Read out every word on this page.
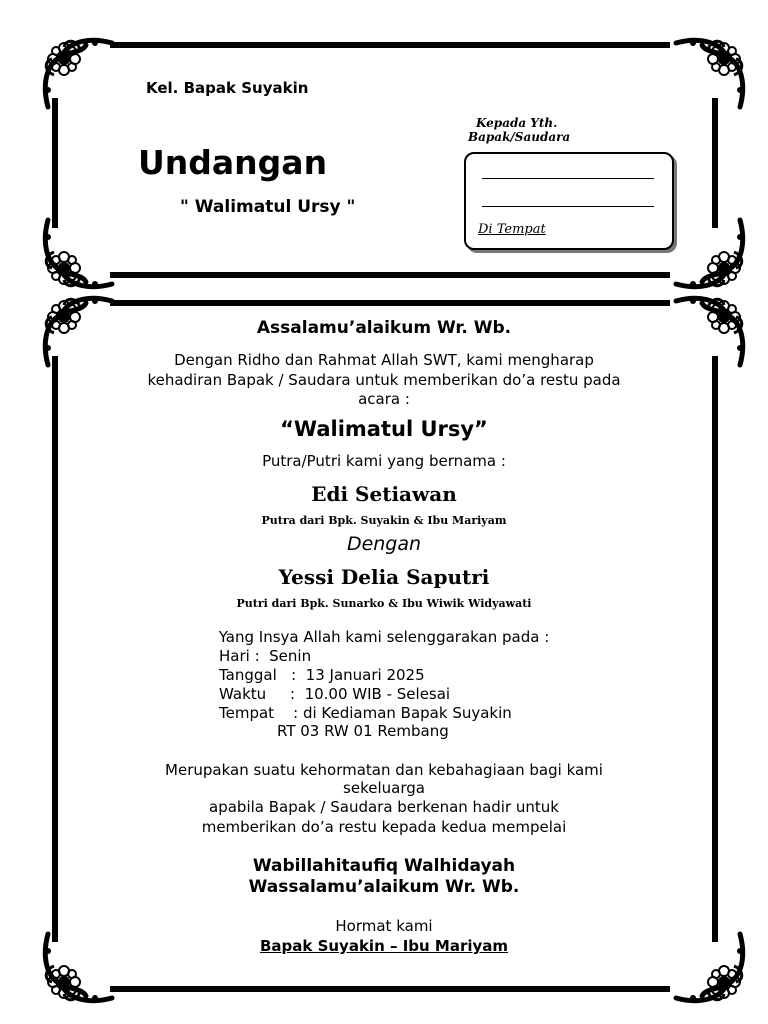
Kel. Bapak Suyakin

Undangan

" Walimatul Ursy "

Kepada Yth.

Bapak/Saudara

Di Tempat

Assalamu’alaikum Wr. Wb.

Dengan Ridho dan Rahmat Allah SWT, kami mengharap

kehadiran Bapak / Saudara untuk memberikan do’a restu pada

acara :

“Walimatul Ursy”

Putra/Putri kami yang bernama :

Edi Setiawan

Putra dari Bpk. Suyakin & Ibu Mariyam

Dengan

Yessi Delia Saputri

Putri dari Bpk. Sunarko & Ibu Wiwik Widyawati

Yang Insya Allah kami selenggarakan pada :

Hari :  Senin

Tanggal   :  13 Januari 2025

Waktu     :  10.00 WIB - Selesai

Tempat    : di Kediaman Bapak Suyakin

RT 03 RW 01 Rembang

Merupakan suatu kehormatan dan kebahagiaan bagi kami

sekeluarga

apabila Bapak / Saudara berkenan hadir untuk

memberikan do’a restu kepada kedua mempelai

Wabillahitaufiq Walhidayah

Wassalamu’alaikum Wr. Wb.

Hormat kami

Bapak Suyakin – Ibu Mariyam
